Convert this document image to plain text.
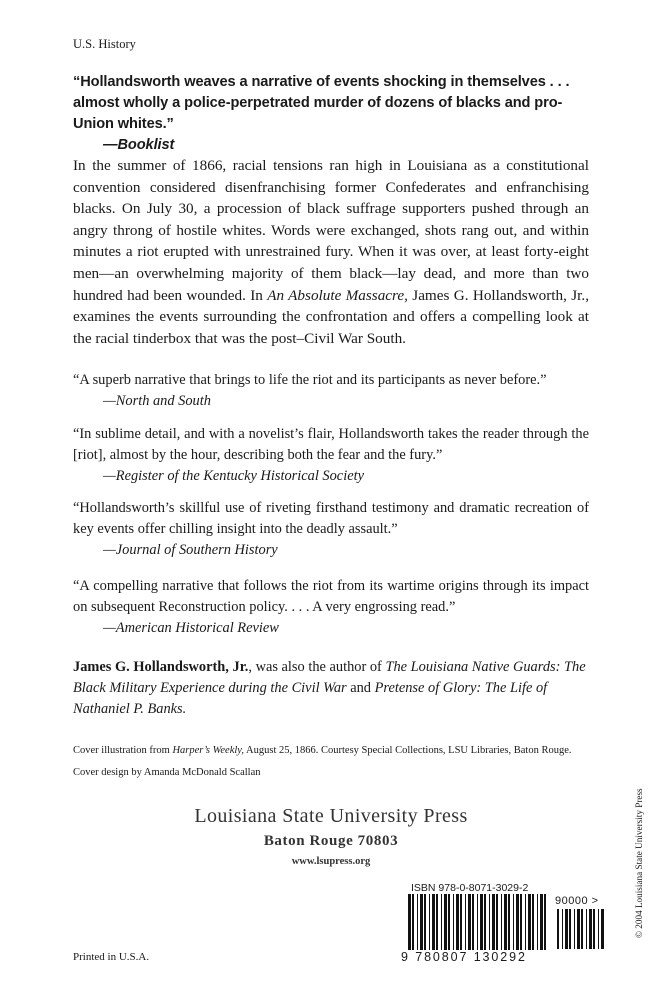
U.S. History
“Hollandsworth weaves a narrative of events shocking in themselves . . . almost wholly a police-perpetrated murder of dozens of blacks and pro-Union whites.”
—Booklist
In the summer of 1866, racial tensions ran high in Louisiana as a constitutional convention considered disenfranchising former Confederates and enfranchising blacks. On July 30, a procession of black suffrage supporters pushed through an angry throng of hostile whites. Words were exchanged, shots rang out, and within minutes a riot erupted with unrestrained fury. When it was over, at least forty-eight men—an overwhelming majority of them black—lay dead, and more than two hundred had been wounded. In An Absolute Massacre, James G. Hollandsworth, Jr., examines the events surrounding the confrontation and offers a compelling look at the racial tinderbox that was the post–Civil War South.
“A superb narrative that brings to life the riot and its participants as never before.”
—North and South
“In sublime detail, and with a novelist’s flair, Hollandsworth takes the reader through the [riot], almost by the hour, describing both the fear and the fury.”
—Register of the Kentucky Historical Society
“Hollandsworth’s skillful use of riveting firsthand testimony and dramatic recreation of key events offer chilling insight into the deadly assault.”
—Journal of Southern History
“A compelling narrative that follows the riot from its wartime origins through its impact on subsequent Reconstruction policy. . . . A very engrossing read.”
—American Historical Review
James G. Hollandsworth, Jr., was also the author of The Louisiana Native Guards: The Black Military Experience during the Civil War and Pretense of Glory: The Life of Nathaniel P. Banks.
Cover illustration from Harper’s Weekly, August 25, 1866. Courtesy Special Collections, LSU Libraries, Baton Rouge.
Cover design by Amanda McDonald Scallan
Louisiana State University Press
Baton Rouge 70803
www.lsupress.org
ISBN 978-0-8071-3029-2
90000 >
9 780807 130292
Printed in U.S.A.
© 2004 Louisiana State University Press
